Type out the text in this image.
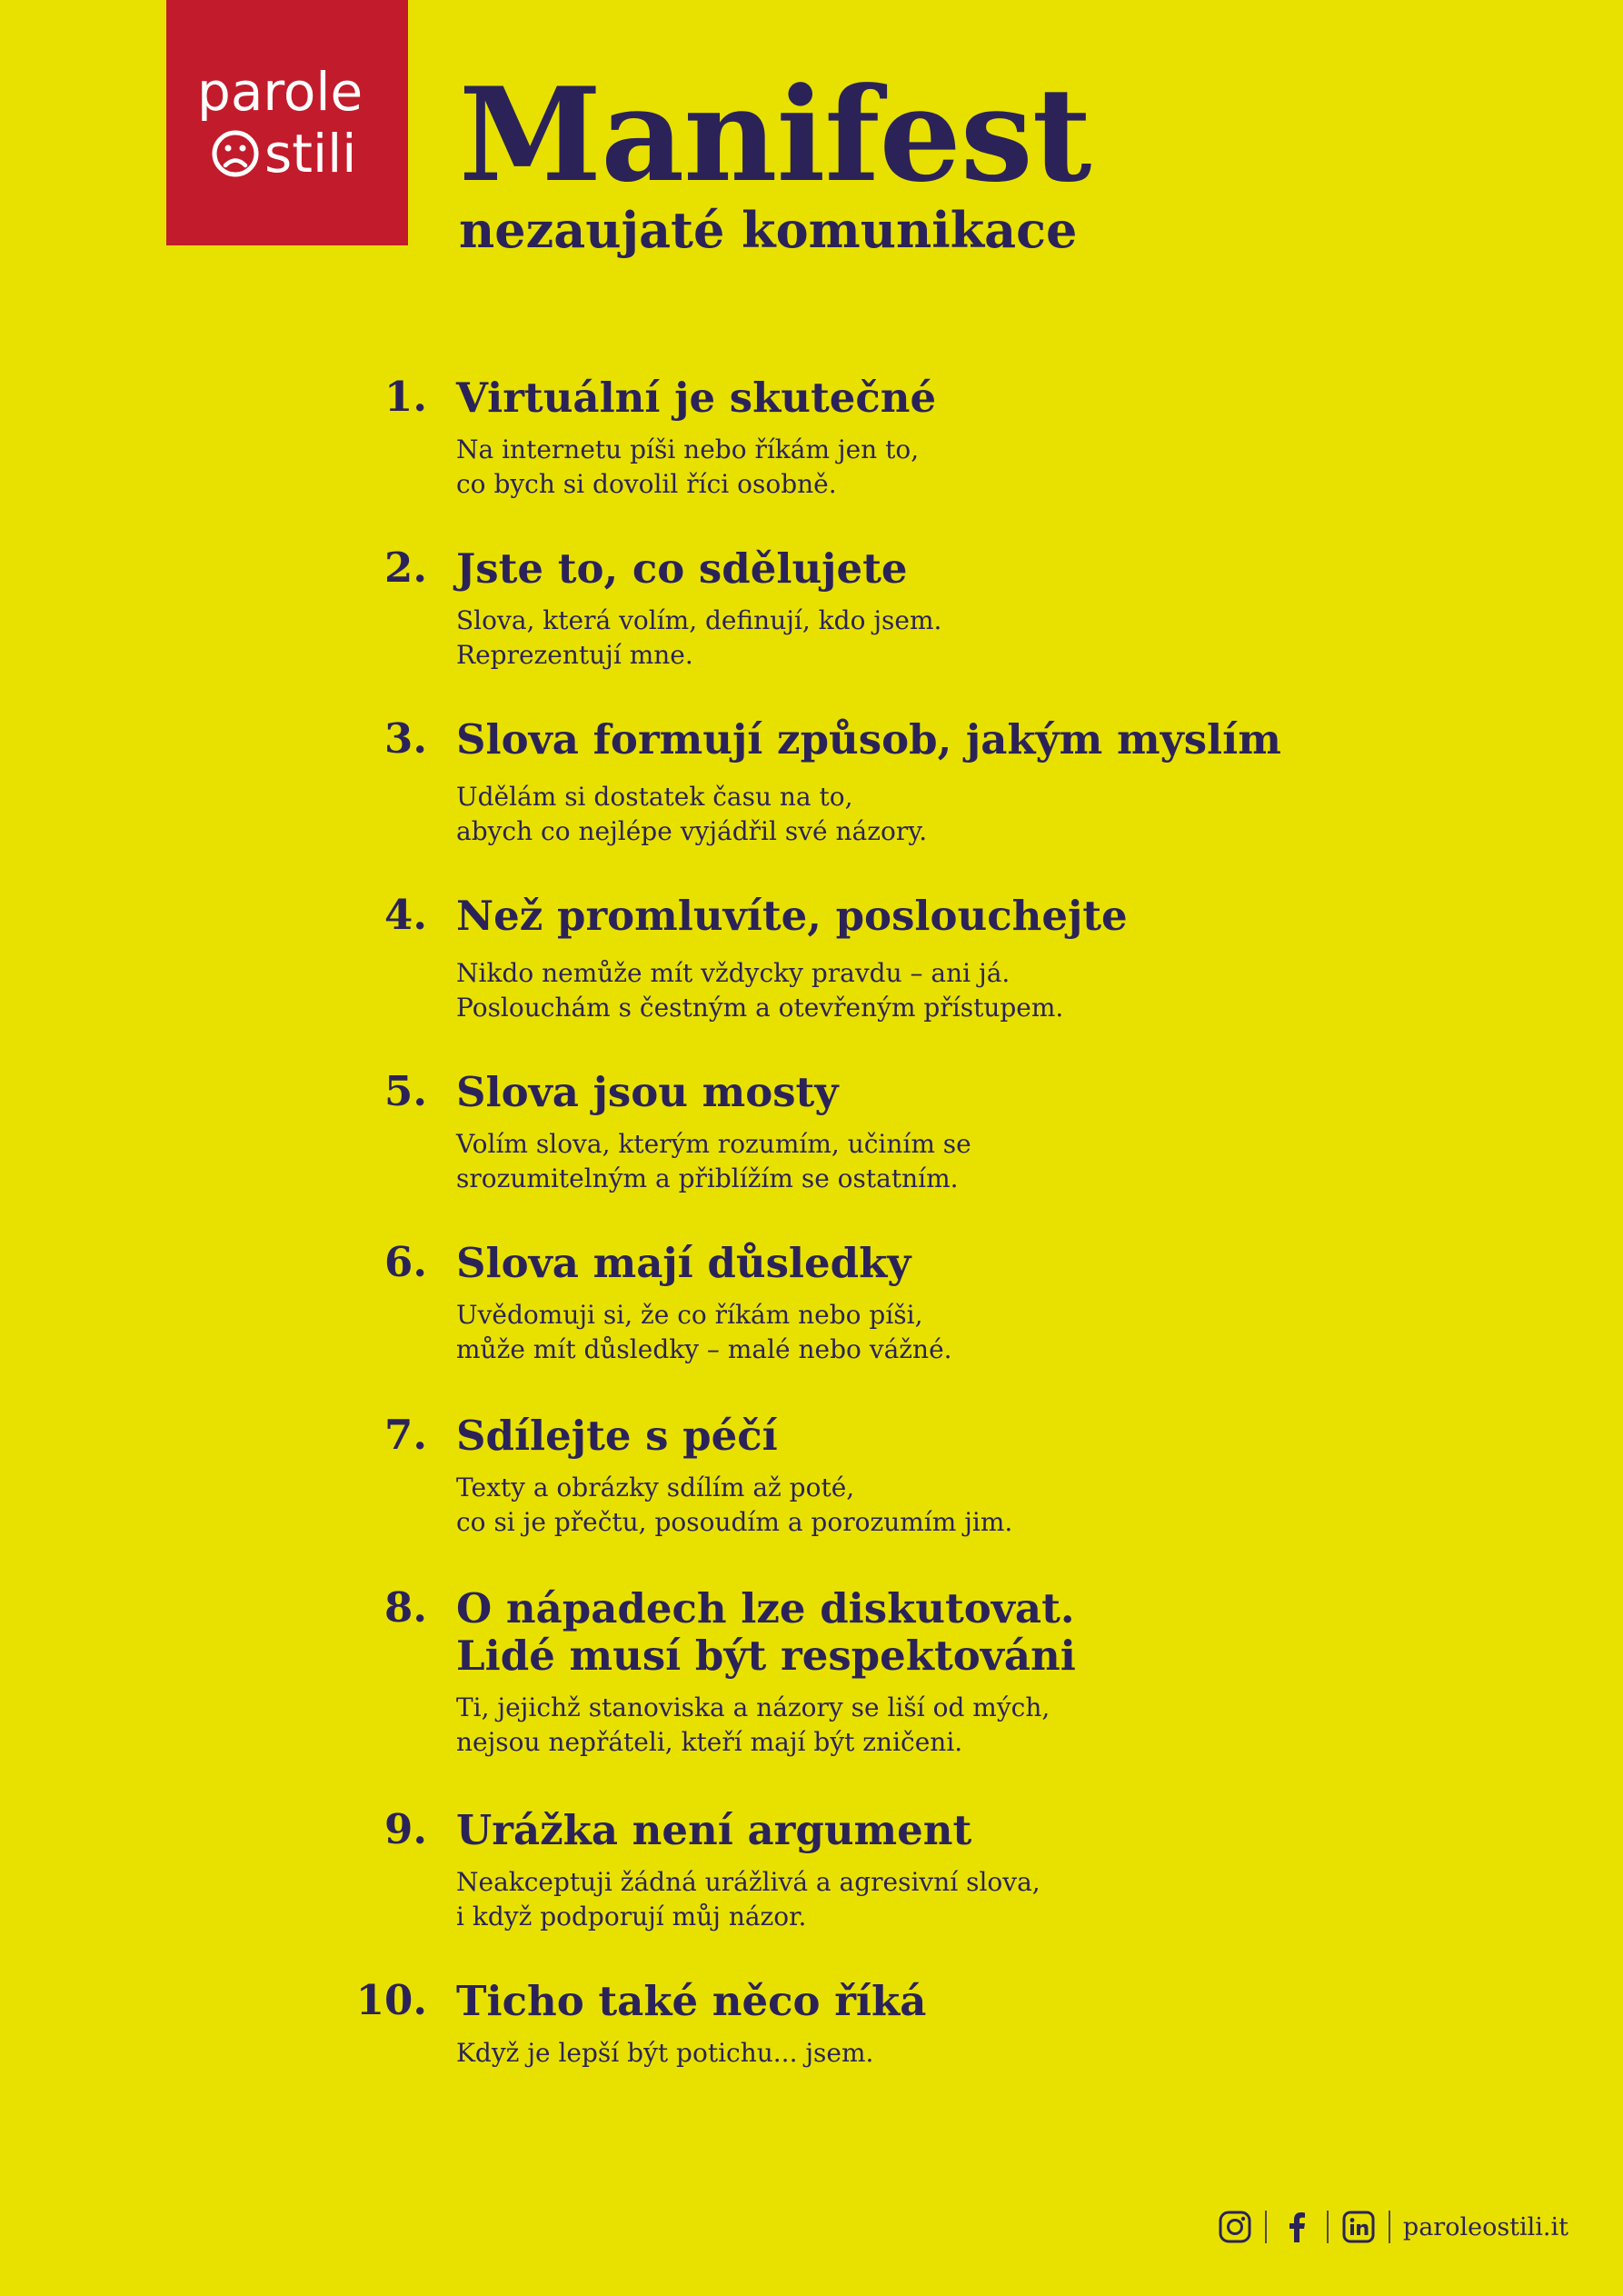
parole
stili Manifest
nezaujaté komunikace
1. Virtuální je skutečné
Na internetu píši nebo říkám jen to,
co bych si dovolil říci osobně.
2. Jste to, co sdělujete
Slova, která volím, definují, kdo jsem.
Reprezentují mne.
3. Slova formují způsob, jakým myslím
Udělám si dostatek času na to,
abych co nejlépe vyjádřil své názory.
4. Než promluvíte, poslouchejte
Nikdo nemůže mít vždycky pravdu – ani já.
Poslouchám s čestným a otevřeným přístupem.
5. Slova jsou mosty
Volím slova, kterým rozumím, učiním se
srozumitelným a přiblížím se ostatním.
6. Slova mají důsledky
Uvědomuji si, že co říkám nebo píši,
může mít důsledky – malé nebo vážné.
7. Sdílejte s péčí
Texty a obrázky sdílím až poté,
co si je přečtu, posoudím a porozumím jim.
8. O nápadech lze diskutovat.
Lidé musí být respektováni
Ti, jejichž stanoviska a názory se liší od mých,
nejsou nepřáteli, kteří mají být zničeni.
9. Urážka není argument
Neakceptuji žádná urážlivá a agresivní slova,
i když podporují můj názor.
10. Ticho také něco říká
Když je lepší být potichu... jsem.
paroleostili.it
